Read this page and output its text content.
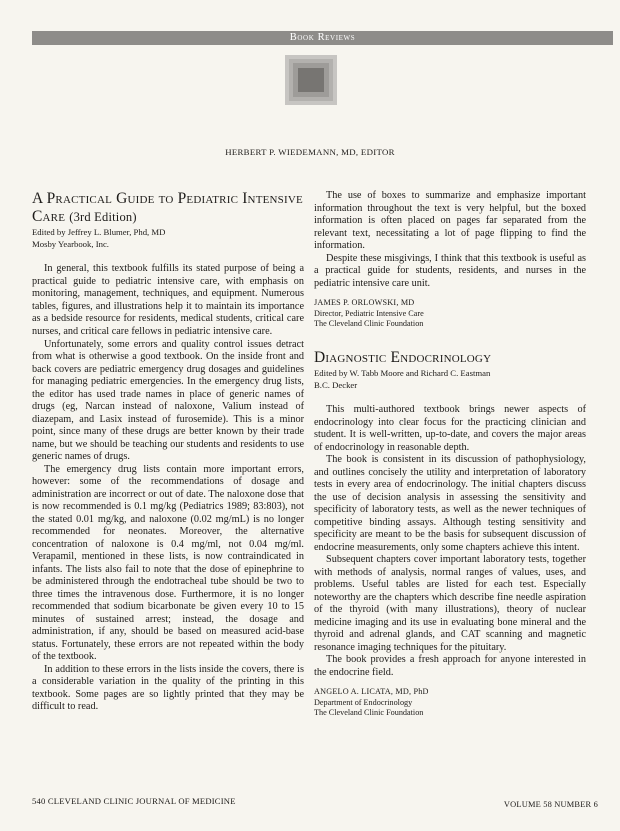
Book Reviews
HERBERT P. WIEDEMANN, MD, EDITOR
A Practical Guide to Pediatric Intensive Care (3rd Edition)
Edited by Jeffrey L. Blumer, Phd, MD
Mosby Yearbook, Inc.

In general, this textbook fulfills its stated purpose of being a practical guide to pediatric intensive care, with emphasis on monitoring, management, techniques, and equipment. Numerous tables, figures, and illustrations help it to maintain its importance as a bedside resource for residents, medical students, critical care nurses, and critical care fellows in pediatric intensive care.

Unfortunately, some errors and quality control issues detract from what is otherwise a good textbook. On the inside front and back covers are pediatric emergency drug dosages and guidelines for managing pediatric emergencies. In the emergency drug lists, the editor has used trade names in place of generic names of drugs (eg, Narcan instead of naloxone, Valium instead of diazepam, and Lasix instead of furosemide). This is a minor point, since many of these drugs are better known by their trade name, but we should be teaching our students and residents to use generic names of drugs.

The emergency drug lists contain more important errors, however: some of the recommendations of dosage and administration are incorrect or out of date. The naloxone dose that is now recommended is 0.1 mg/kg (Pediatrics 1989; 83:803), not the stated 0.01 mg/kg, and naloxone (0.02 mg/mL) is no longer recommended for neonates. Moreover, the alternative concentration of naloxone is 0.4 mg/ml, not 0.04 mg/ml. Verapamil, mentioned in these lists, is now contraindicated in infants. The lists also fail to note that the dose of epinephrine to be administered through the endotracheal tube should be two to three times the intravenous dose. Furthermore, it is no longer recommended that sodium bicarbonate be given every 10 to 15 minutes of sustained arrest; instead, the dosage and administration, if any, should be based on measured acid-base status. Fortunately, these errors are not repeated within the body of the textbook.

In addition to these errors in the lists inside the covers, there is a considerable variation in the quality of the printing in this textbook. Some pages are so lightly printed that they may be difficult to read.

The use of boxes to summarize and emphasize important information throughout the text is very helpful, but the boxed information is often placed on pages far separated from the relevant text, necessitating a lot of page flipping to find the information.

Despite these misgivings, I think that this textbook is useful as a practical guide for students, residents, and nurses in the pediatric intensive care unit.

JAMES P. ORLOWSKI, MD
Director, Pediatric Intensive Care
The Cleveland Clinic Foundation
Diagnostic Endocrinology
Edited by W. Tabb Moore and Richard C. Eastman
B.C. Decker

This multi-authored textbook brings newer aspects of endocrinology into clear focus for the practicing clinician and student. It is well-written, up-to-date, and covers the major areas of endocrinology in reasonable depth.

The book is consistent in its discussion of pathophysiology, and outlines concisely the utility and interpretation of laboratory tests in every area of endocrinology. The initial chapters discuss the use of decision analysis in assessing the sensitivity and specificity of laboratory tests, as well as the newer techniques of competitive binding assays. Although testing sensitivity and specificity are meant to be the basis for subsequent discussion of endocrine measurements, only some chapters achieve this intent.

Subsequent chapters cover important laboratory tests, together with methods of analysis, normal ranges of values, uses, and problems. Useful tables are listed for each test. Especially noteworthy are the chapters which describe fine needle aspiration of the thyroid (with many illustrations), theory of nuclear medicine imaging and its use in evaluating bone mineral and the thyroid and adrenal glands, and CAT scanning and magnetic resonance imaging techniques for the pituitary.

The book provides a fresh approach for anyone interested in the endocrine field.

ANGELO A. LICATA, MD, PhD
Department of Endocrinology
The Cleveland Clinic Foundation
540 CLEVELAND CLINIC JOURNAL OF MEDICINE	VOLUME 58 NUMBER 6
